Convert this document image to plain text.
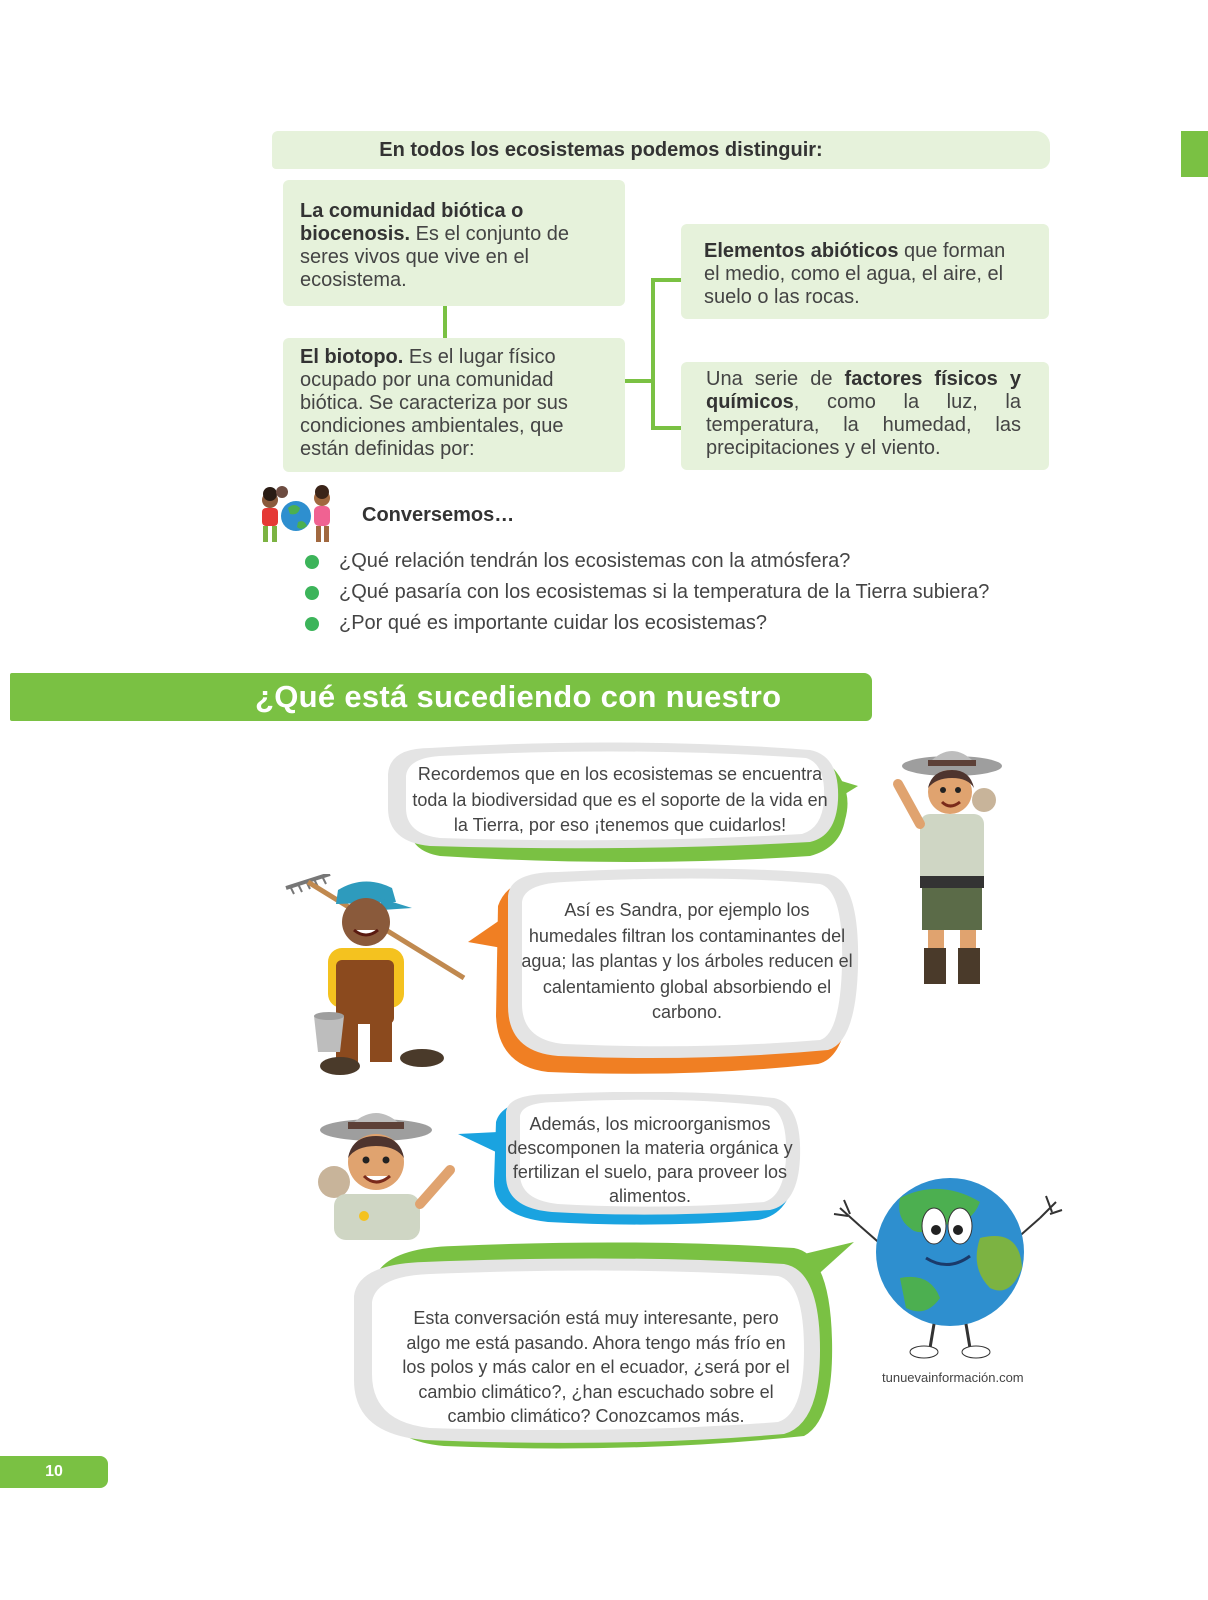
En todos los ecosistemas podemos distinguir:
La comunidad biótica o biocenosis. Es el conjunto de seres vivos que vive en el ecosistema.
El biotopo. Es el lugar físico ocupado por una comunidad biótica. Se caracteriza por sus condiciones ambientales, que están definidas por:
Elementos abióticos que forman el medio, como el agua, el aire, el suelo o las rocas.
Una serie de factores físicos y químicos, como la luz, la temperatura, la humedad, las precipitaciones y el viento.
Conversemos…
¿Qué relación tendrán los ecosistemas con la atmósfera?
¿Qué pasaría con los ecosistemas si la temperatura de la Tierra subiera?
¿Por qué es importante cuidar los ecosistemas?
¿Qué está sucediendo con nuestro planeta?
Recordemos que en los ecosistemas se encuentra toda la biodiversidad que es el soporte de la vida en la Tierra, por eso ¡tenemos que cuidarlos!
Así es Sandra, por ejemplo los humedales filtran los contaminantes del agua; las plantas y los árboles reducen el calentamiento global absorbiendo el carbono.
Además, los microorganismos descomponen la materia orgánica y fertilizan el suelo, para proveer los alimentos.
Esta conversación está muy interesante, pero algo me está pasando. Ahora tengo más frío en los polos y más calor en el ecuador, ¿será por el cambio climático?, ¿han escuchado sobre el cambio climático? Conozcamos más.
tunuevainformación.com
10
